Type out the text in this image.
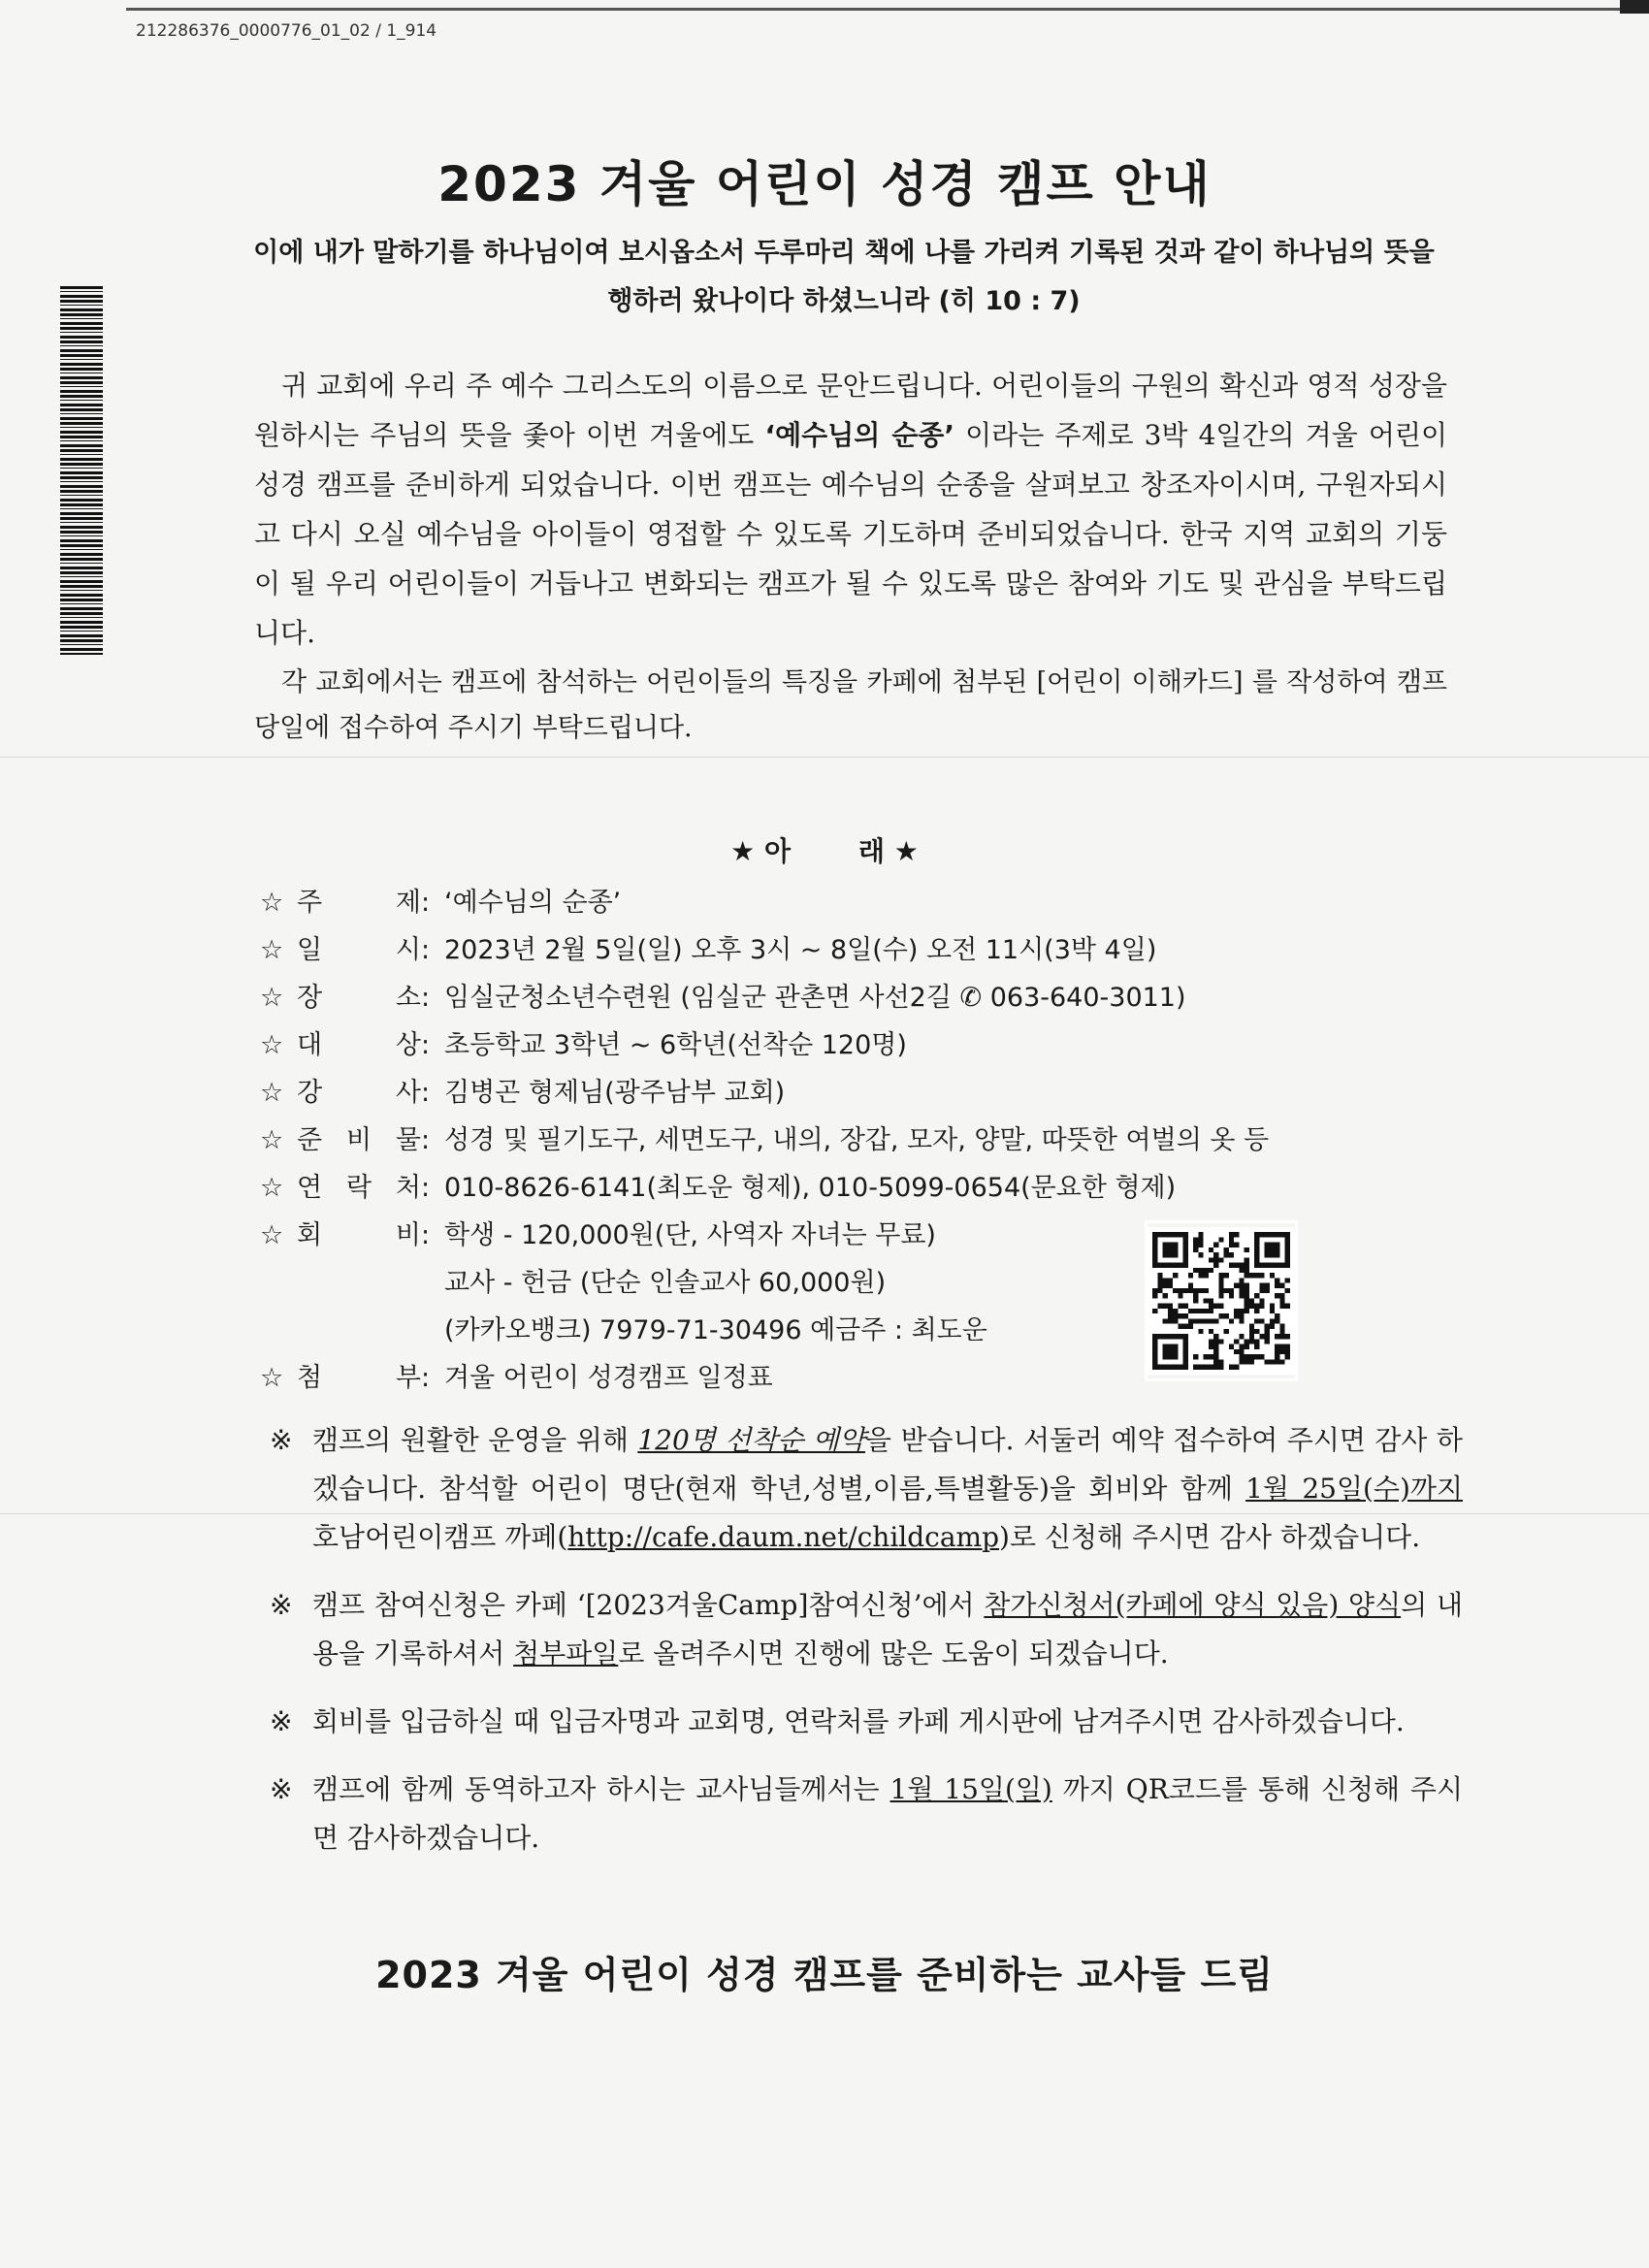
212286376_0000776_01_02 / 1_914
2023 겨울 어린이 성경 캠프 안내
이에 내가 말하기를 하나님이여 보시옵소서 두루마리 책에 나를 가리켜 기록된 것과 같이 하나님의 뜻을 행하러 왔나이다 하셨느니라 (히 10 : 7)

귀 교회에 우리 주 예수 그리스도의 이름으로 문안드립니다. 어린이들의 구원의 확신과 영적 성장을 원하시는 주님의 뜻을 좇아 이번 겨울에도 ‘예수님의 순종’ 이라는 주제로 3박 4일간의 겨울 어린이 성경 캠프를 준비하게 되었습니다. 이번 캠프는 예수님의 순종을 살펴보고 창조자이시며, 구원자되시고 다시 오실 예수님을 아이들이 영접할 수 있도록 기도하며 준비되었습니다. 한국 지역 교회의 기둥이 될 우리 어린이들이 거듭나고 변화되는 캠프가 될 수 있도록 많은 참여와 기도 및 관심을 부탁드립니다.

각 교회에서는 캠프에 참석하는 어린이들의 특징을 카페에 첨부된 [어린이 이해카드] 를 작성하여 캠프 당일에 접수하여 주시기 부탁드립니다.

★ 아	래 ★
☆ 주	제 : ‘예수님의 순종’
☆ 일	시 : 2023년 2월 5일(일) 오후 3시 ~ 8일(수) 오전 11시(3박 4일)
☆ 장	소 : 임실군청소년수련원 (임실군 관촌면 사선2길 ✆ 063-640-3011)
☆ 대	상 : 초등학교 3학년 ~ 6학년(선착순 120명)
☆ 강	사 : 김병곤 형제님(광주남부 교회)
☆ 준 비 물 : 성경 및 필기도구, 세면도구, 내의, 장갑, 모자, 양말, 따뜻한 여벌의 옷 등
☆ 연 락 처 : 010-8626-6141(최도운 형제), 010-5099-0654(문요한 형제)
☆ 회	비 : 학생 - 120,000원(단, 사역자 자녀는 무료)
교사 - 헌금 (단순 인솔교사 60,000원)
(카카오뱅크) 7979-71-30496 예금주 : 최도운
☆ 첨	부 : 겨울 어린이 성경캠프 일정표
※ 캠프의 원활한 운영을 위해 120명 선착순 예약을 받습니다. 서둘러 예약 접수하여 주시면 감사 하겠습니다. 참석할 어린이 명단(현재 학년,성별,이름,특별활동)을 회비와 함께 1월 25일(수)까지 호남어린이캠프 까페(http://cafe.daum.net/childcamp)로 신청해 주시면 감사 하겠습니다.
※ 캠프 참여신청은 카페 ‘[2023겨울Camp]참여신청’에서 참가신청서(카페에 양식 있음) 양식의 내용을 기록하셔서 첨부파일로 올려주시면 진행에 많은 도움이 되겠습니다.
※ 회비를 입금하실 때 입금자명과 교회명, 연락처를 카페 게시판에 남겨주시면 감사하겠습니다.
※ 캠프에 함께 동역하고자 하시는 교사님들께서는 1월 15일(일) 까지 QR코드를 통해 신청해 주시면 감사하겠습니다.
2023 겨울 어린이 성경 캠프를 준비하는 교사들 드림
